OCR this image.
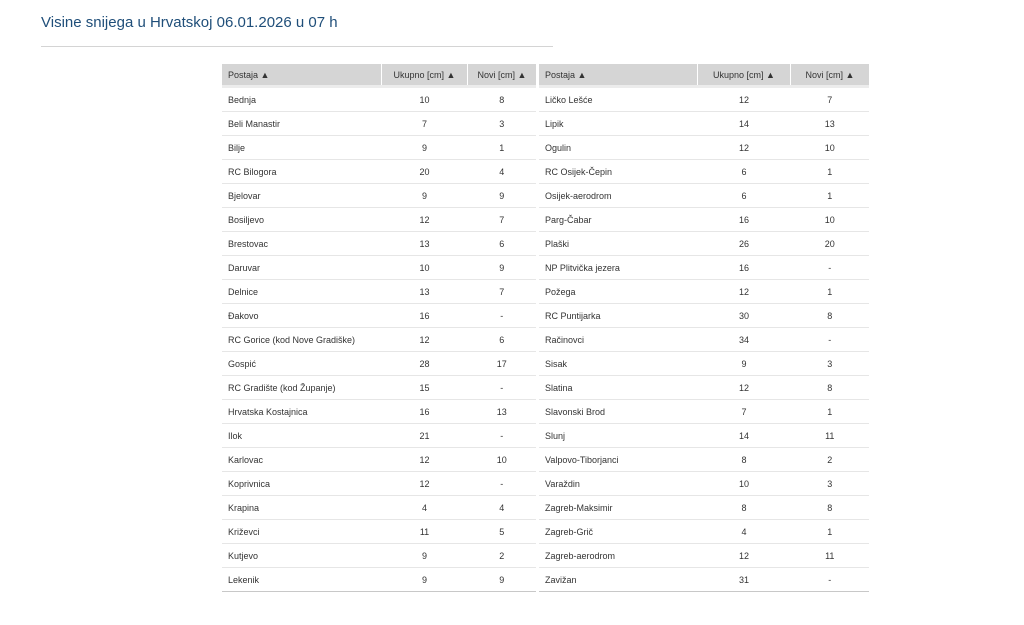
Visine snijega u Hrvatskoj 06.01.2026 u 07 h
Postaja ▲	Ukupno [cm] ▲	Novi [cm] ▲
Bednja	10	8
Beli Manastir	7	3
Bilje	9	1
RC Bilogora	20	4
Bjelovar	9	9
Bosiljevo	12	7
Brestovac	13	6
Daruvar	10	9
Delnice	13	7
Đakovo	16	-
RC Gorice (kod Nove Gradiške)	12	6
Gospić	28	17
RC Gradište (kod Županje)	15	-
Hrvatska Kostajnica	16	13
Ilok	21	-
Karlovac	12	10
Koprivnica	12	-
Krapina	4	4
Križevci	11	5
Kutjevo	9	2
Lekenik	9	9
Postaja ▲	Ukupno [cm] ▲	Novi [cm] ▲
Ličko Lešće	12	7
Lipik	14	13
Ogulin	12	10
RC Osijek-Čepin	6	1
Osijek-aerodrom	6	1
Parg-Čabar	16	10
Plaški	26	20
NP Plitvička jezera	16	-
Požega	12	1
RC Puntijarka	30	8
Račinovci	34	-
Sisak	9	3
Slatina	12	8
Slavonski Brod	7	1
Slunj	14	11
Valpovo-Tiborjanci	8	2
Varaždin	10	3
Zagreb-Maksimir	8	8
Zagreb-Grič	4	1
Zagreb-aerodrom	12	11
Zavižan	31	-
